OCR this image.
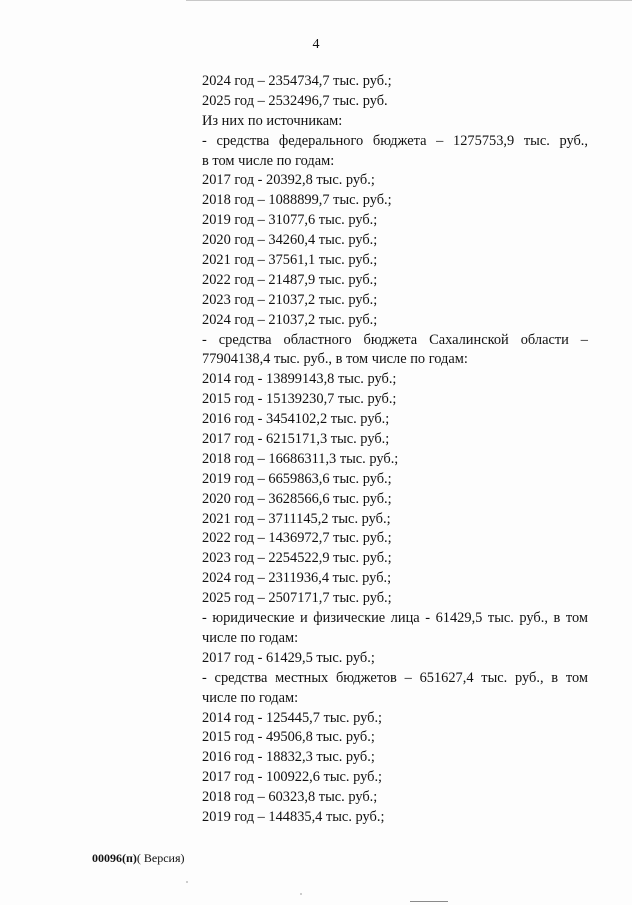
4
2024 год – 2354734,7 тыс. руб.;
2025 год – 2532496,7 тыс. руб.
Из них по источникам:
- средства федерального бюджета – 1275753,9 тыс. руб.,
в том числе по годам:
2017 год - 20392,8 тыс. руб.;
2018 год – 1088899,7 тыс. руб.;
2019 год – 31077,6 тыс. руб.;
2020 год – 34260,4 тыс. руб.;
2021 год – 37561,1 тыс. руб.;
2022 год – 21487,9 тыс. руб.;
2023 год – 21037,2 тыс. руб.;
2024 год – 21037,2 тыс. руб.;
- средства областного бюджета Сахалинской области –
77904138,4 тыс. руб., в том числе по годам:
2014 год - 13899143,8 тыс. руб.;
2015 год - 15139230,7 тыс. руб.;
2016 год - 3454102,2 тыс. руб.;
2017 год - 6215171,3 тыс. руб.;
2018 год – 16686311,3 тыс. руб.;
2019 год – 6659863,6 тыс. руб.;
2020 год – 3628566,6 тыс. руб.;
2021 год – 3711145,2 тыс. руб.;
2022 год – 1436972,7 тыс. руб.;
2023 год – 2254522,9 тыс. руб.;
2024 год – 2311936,4 тыс. руб.;
2025 год – 2507171,7 тыс. руб.;
- юридические и физические лица - 61429,5 тыс. руб., в том
числе по годам:
2017 год - 61429,5 тыс. руб.;
- средства местных бюджетов – 651627,4 тыс. руб., в том
числе по годам:
2014 год - 125445,7 тыс. руб.;
2015 год - 49506,8 тыс. руб.;
2016 год - 18832,3 тыс. руб.;
2017 год - 100922,6 тыс. руб.;
2018 год – 60323,8 тыс. руб.;
2019 год – 144835,4 тыс. руб.;
00096(п)( Версия)
